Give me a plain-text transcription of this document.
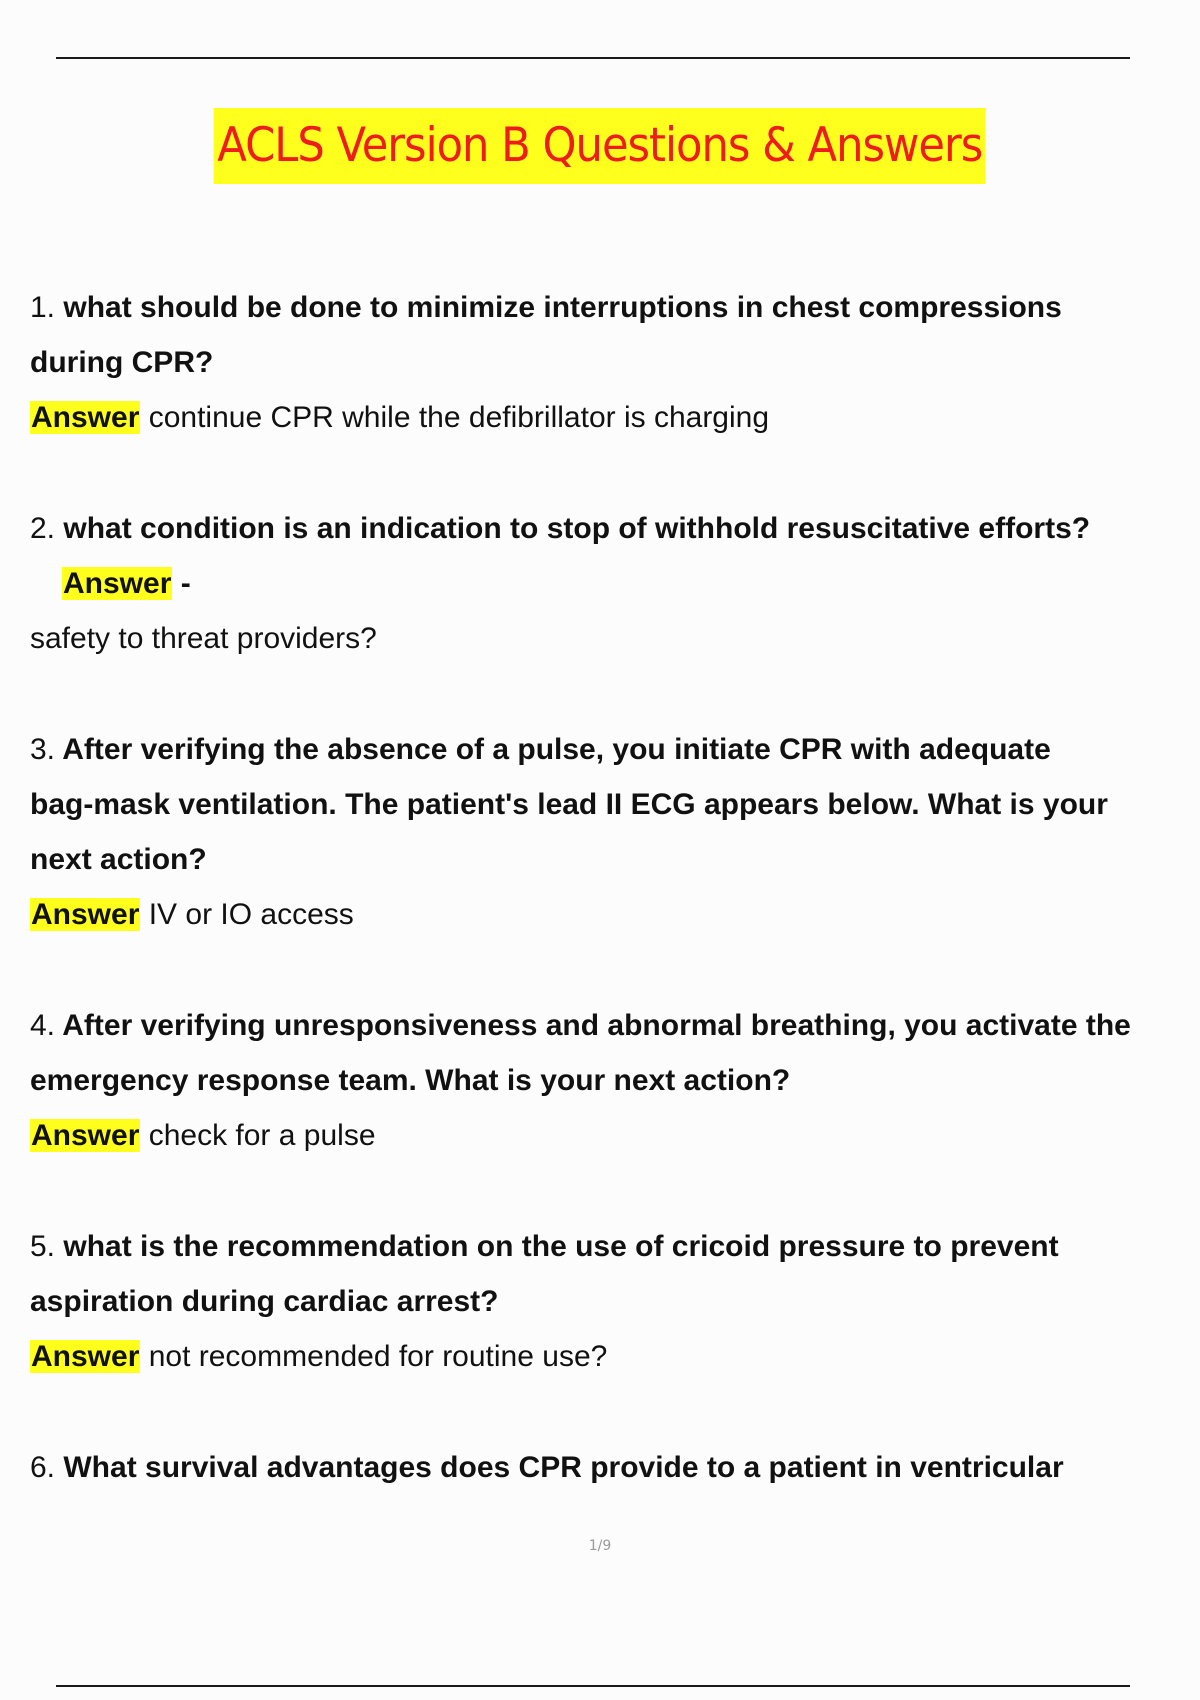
ACLS Version B Questions & Answers
1. what should be done to minimize interruptions in chest compressions
during CPR?
Answer continue CPR while the defibrillator is charging
2. what condition is an indication to stop of withhold resuscitative efforts?
Answer -
safety to threat providers?
3. After verifying the absence of a pulse, you initiate CPR with adequate
bag-mask ventilation. The patient's lead II ECG appears below. What is your
next action?
Answer IV or IO access
4. After verifying unresponsiveness and abnormal breathing, you activate the
emergency response team. What is your next action?
Answer check for a pulse
5. what is the recommendation on the use of cricoid pressure to prevent
aspiration during cardiac arrest?
Answer not recommended for routine use?
6. What survival advantages does CPR provide to a patient in ventricular
1/9
